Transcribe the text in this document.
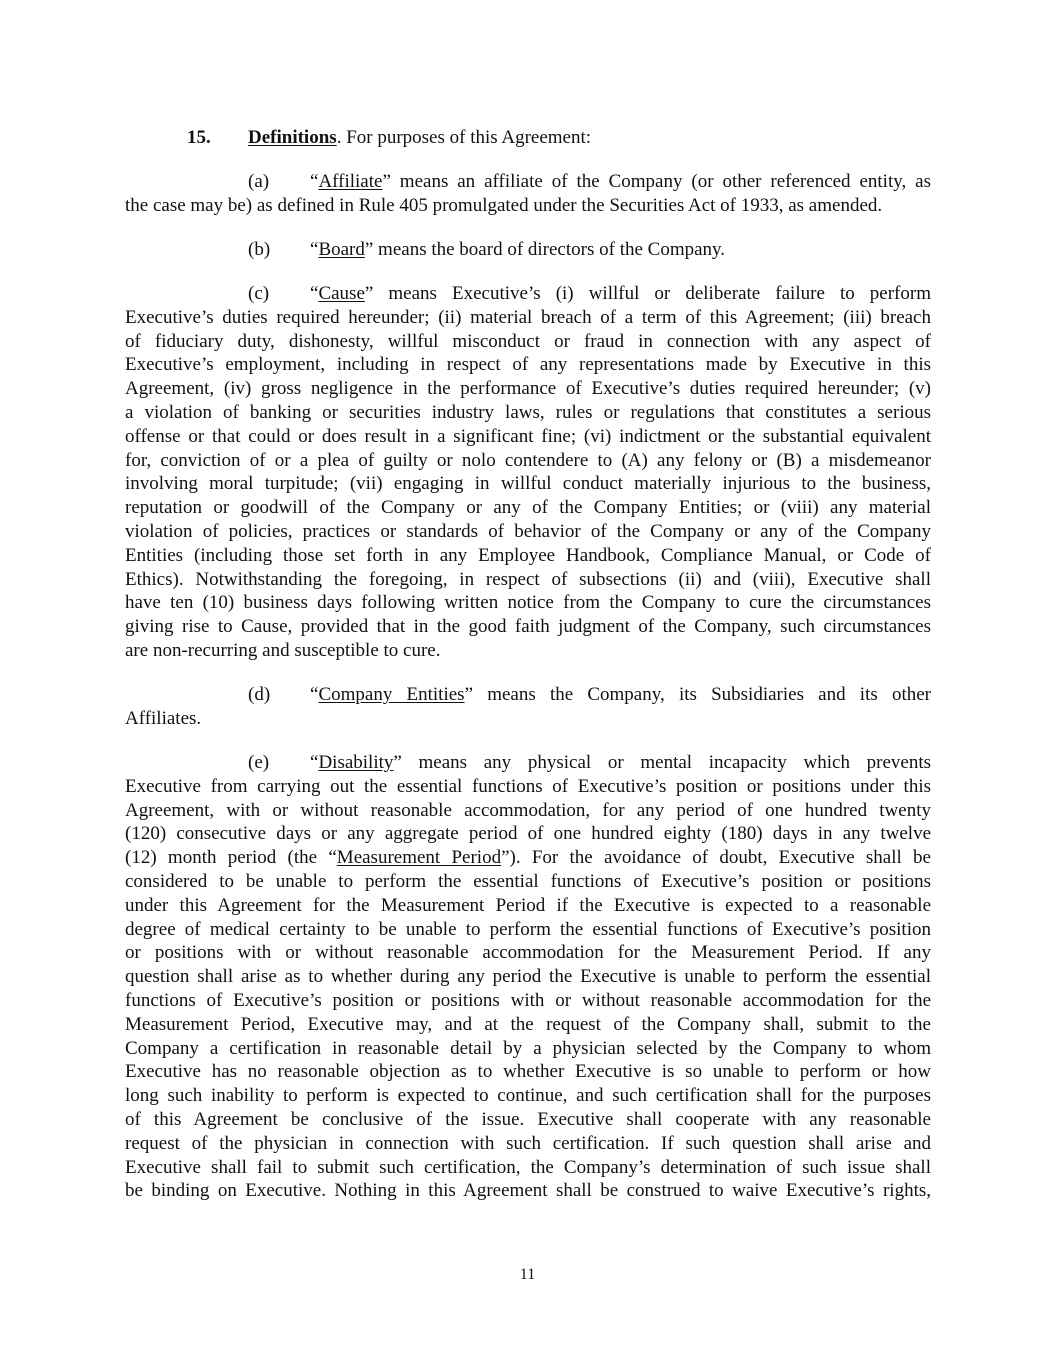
15. Definitions. For purposes of this Agreement:
(a)	“Affiliate” means an affiliate of the Company (or other referenced entity, as
the case may be) as defined in Rule 405 promulgated under the Securities Act of 1933, as amended.
(b)	“Board” means the board of directors of the Company.
(c)	“Cause” means Executive’s (i) willful or deliberate failure to perform
Executive’s duties required hereunder; (ii) material breach of a term of this Agreement; (iii) breach
of fiduciary duty, dishonesty, willful misconduct or fraud in connection with any aspect of
Executive’s employment, including in respect of any representations made by Executive in this
Agreement, (iv) gross negligence in the performance of Executive’s duties required hereunder; (v)
a violation of banking or securities industry laws, rules or regulations that constitutes a serious
offense or that could or does result in a significant fine; (vi) indictment or the substantial equivalent
for, conviction of or a plea of guilty or nolo contendere to (A) any felony or (B) a misdemeanor
involving moral turpitude; (vii) engaging in willful conduct materially injurious to the business,
reputation or goodwill of the Company or any of the Company Entities; or (viii) any material
violation of policies, practices or standards of behavior of the Company or any of the Company
Entities (including those set forth in any Employee Handbook, Compliance Manual, or Code of
Ethics). Notwithstanding the foregoing, in respect of subsections (ii) and (viii), Executive shall
have ten (10) business days following written notice from the Company to cure the circumstances
giving rise to Cause, provided that in the good faith judgment of the Company, such circumstances
are non-recurring and susceptible to cure.
(d)	“Company Entities” means the Company, its Subsidiaries and its other
Affiliates.
(e)	“Disability” means any physical or mental incapacity which prevents
Executive from carrying out the essential functions of Executive’s position or positions under this
Agreement, with or without reasonable accommodation, for any period of one hundred twenty
(120) consecutive days or any aggregate period of one hundred eighty (180) days in any twelve
(12) month period (the “Measurement Period”). For the avoidance of doubt, Executive shall be
considered to be unable to perform the essential functions of Executive’s position or positions
under this Agreement for the Measurement Period if the Executive is expected to a reasonable
degree of medical certainty to be unable to perform the essential functions of Executive’s position
or positions with or without reasonable accommodation for the Measurement Period. If any
question shall arise as to whether during any period the Executive is unable to perform the essential
functions of Executive’s position or positions with or without reasonable accommodation for the
Measurement Period, Executive may, and at the request of the Company shall, submit to the
Company a certification in reasonable detail by a physician selected by the Company to whom
Executive has no reasonable objection as to whether Executive is so unable to perform or how
long such inability to perform is expected to continue, and such certification shall for the purposes
of this Agreement be conclusive of the issue. Executive shall cooperate with any reasonable
request of the physician in connection with such certification. If such question shall arise and
Executive shall fail to submit such certification, the Company’s determination of such issue shall
be binding on Executive. Nothing in this Agreement shall be construed to waive Executive’s rights,
11
